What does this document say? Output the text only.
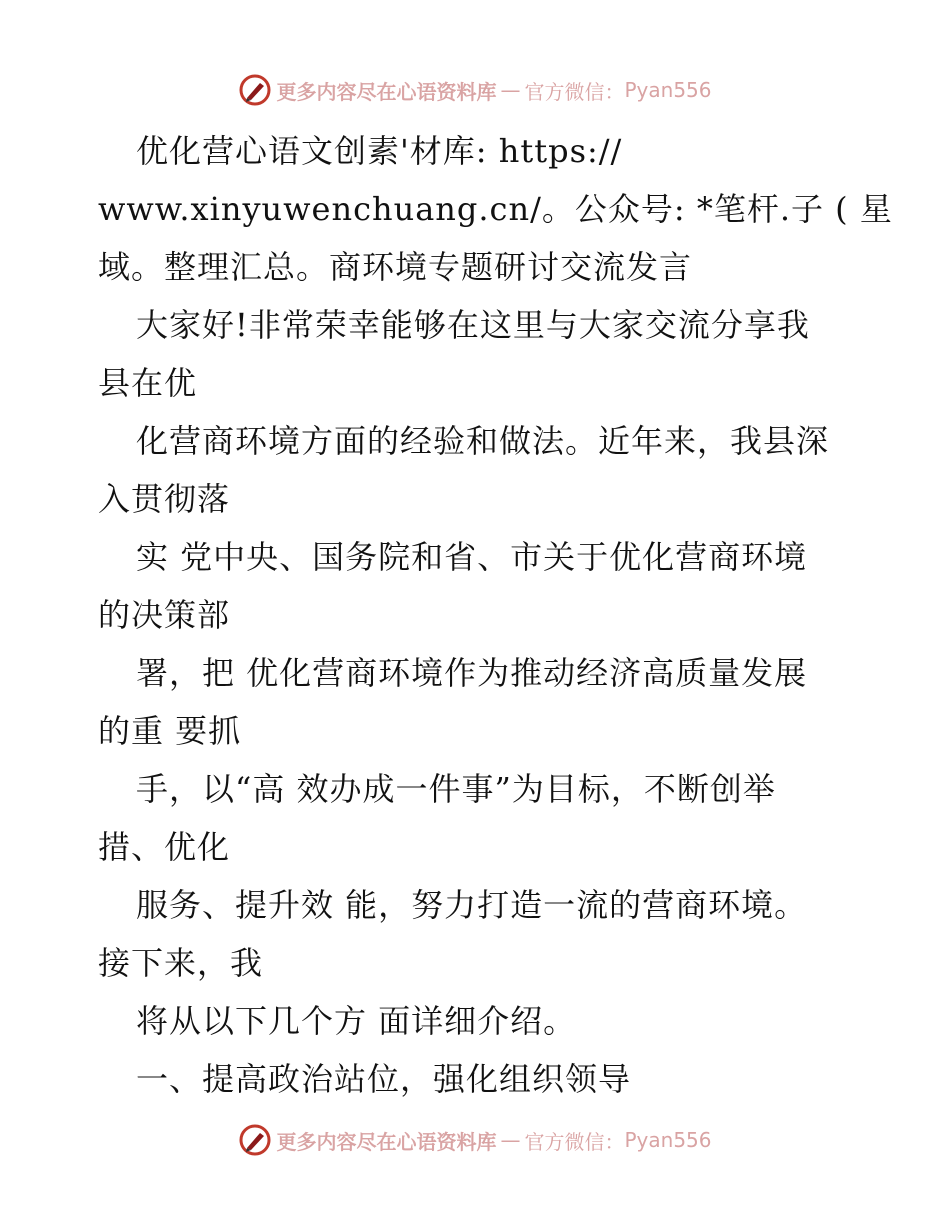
更多内容尽在心语资料库 — 官方微信： Pyan556
优化营心语文创素'材库: https://
www.xinyuwenchuang.cn/。公众号: *笔杆.子 ( 星
域。整理汇总。商环境专题研讨交流发言
大家好!非常荣幸能够在这里与大家交流分享我
县在优
化营商环境方面的经验和做法。近年来，我县深
入贯彻落
实 党中央、国务院和省、市关于优化营商环境
的决策部
署，把 优化营商环境作为推动经济高质量发展
的重 要抓
手，以“高 效办成一件事”为目标，不断创举
措、优化
服务、提升效 能，努力打造一流的营商环境。
接下来，我
将从以下几个方 面详细介绍。
一、提高政治站位，强化组织领导
更多内容尽在心语资料库 — 官方微信： Pyan556
